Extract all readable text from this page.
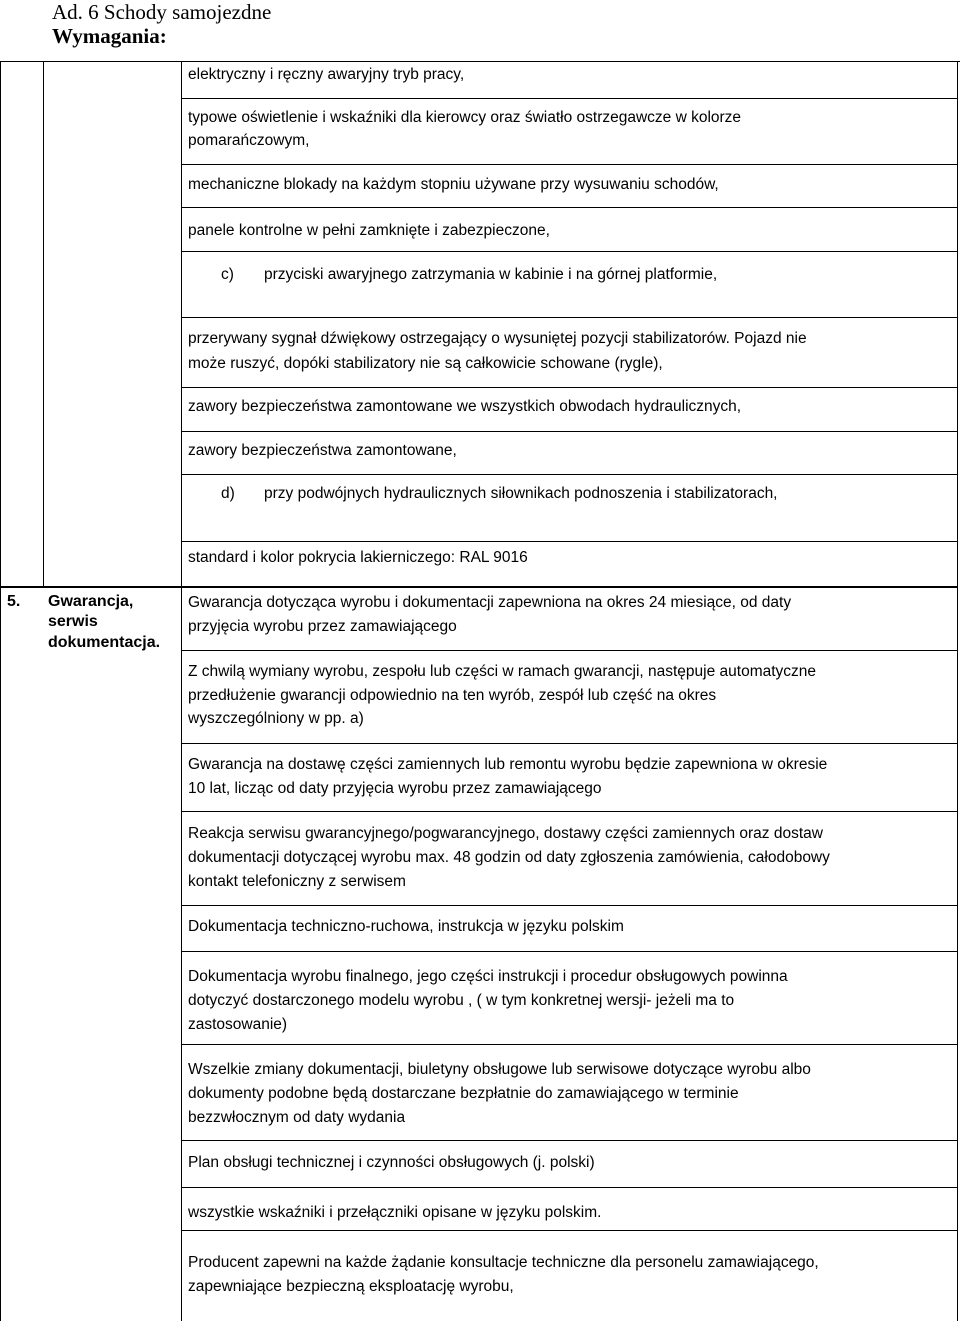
Ad. 6 Schody samojezdne
Wymagania:
elektryczny i ręczny awaryjny tryb pracy,
typowe oświetlenie i wskaźniki dla kierowcy oraz światło ostrzegawcze w kolorze
pomarańczowym,
mechaniczne blokady na każdym stopniu używane przy wysuwaniu schodów,
panele kontrolne w pełni zamknięte i zabezpieczone,
c) przyciski awaryjnego zatrzymania w kabinie i na górnej platformie,
przerywany sygnał dźwiękowy ostrzegający o wysuniętej pozycji stabilizatorów. Pojazd nie
może ruszyć, dopóki stabilizatory nie są całkowicie schowane (rygle),
zawory bezpieczeństwa zamontowane we wszystkich obwodach hydraulicznych,
zawory bezpieczeństwa zamontowane,
d) przy podwójnych hydraulicznych siłownikach podnoszenia i stabilizatorach,
standard i kolor pokrycia lakierniczego: RAL 9016
5. Gwarancja,
serwis
dokumentacja.
Gwarancja dotycząca wyrobu i dokumentacji zapewniona na okres 24 miesiące, od daty
przyjęcia wyrobu przez zamawiającego
Z chwilą wymiany wyrobu, zespołu lub części w ramach gwarancji, następuje automatyczne
przedłużenie gwarancji odpowiednio na ten wyrób, zespół lub część na okres
wyszczególniony w pp. a)
Gwarancja na dostawę części zamiennych lub remontu wyrobu będzie zapewniona w okresie
10 lat, licząc od daty przyjęcia wyrobu przez zamawiającego
Reakcja serwisu gwarancyjnego/pogwarancyjnego, dostawy części zamiennych oraz dostaw
dokumentacji dotyczącej wyrobu max. 48 godzin od daty zgłoszenia zamówienia, całodobowy
kontakt telefoniczny z serwisem
Dokumentacja techniczno-ruchowa, instrukcja w języku polskim
Dokumentacja wyrobu finalnego, jego części instrukcji i procedur obsługowych powinna
dotyczyć dostarczonego modelu wyrobu , ( w tym konkretnej wersji- jeżeli ma to
zastosowanie)
Wszelkie zmiany dokumentacji, biuletyny obsługowe lub serwisowe dotyczące wyrobu albo
dokumenty podobne będą dostarczane bezpłatnie do zamawiającego w terminie
bezzwłocznym od daty wydania
Plan obsługi technicznej i czynności obsługowych (j. polski)
wszystkie wskaźniki i przełączniki opisane w języku polskim.
Producent zapewni na każde żądanie konsultacje techniczne dla personelu zamawiającego,
zapewniające bezpieczną eksploatację wyrobu,
